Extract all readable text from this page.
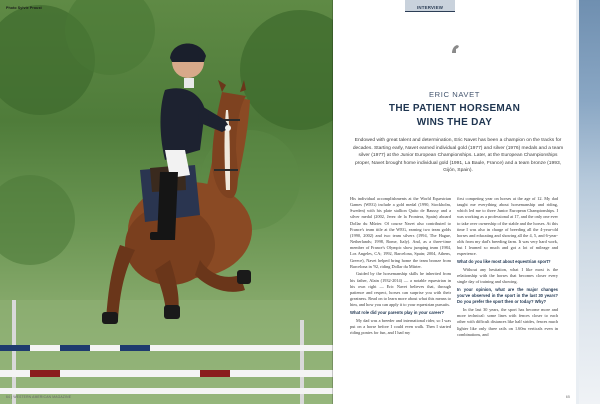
Photo Sylvie Proust	INTERVIEW
ERIC NAVET
THE PATIENT HORSEMAN
WINS THE DAY
Endowed with great talent and determination, Eric Navet has been a champion on the tracks for decades. Starting early, Navet earned individual gold (1977) and silver (1976) medals and a team silver (1977) at the Junior European Championships. Later, at the European Championships proper, Navet brought home individual gold (1991, La Baule, France) and a team bronze (1993, Gijón, Spain).

His individual accomplishments at the World Equestrian Games (WEG) include a gold medal (1990, Stockholm, Sweden) with his plate stallion Quito de Baussy and a silver medal (2002, Jerez de la Frontera, Spain) aboard Dollar du Mûrier. Of course Navet also contributed to France's team title at the WEG, earning two team golds (1990, 2002) and two team silvers (1994, The Hague, Netherlands; 1998, Rome, Italy). And, as a three-time member of France's Olympic show jumping team (1984, Los Angeles, CA; 1992, Barcelona, Spain; 2004, Athens, Greece), Navet helped bring home the team bronze from Barcelona in '92, riding Dollar du Mûrier.

Guided by the horsemanship skills he inherited from his father, Alain (1932-2014) — a notable equestrian in his own right — Eric Navet believes that, through patience and respect, horses can surprise you with their greatness. Read on to learn more about what this means to him, and how you can apply it to your equestrian pursuits.

What role did your parents play in your career?

My dad was a breeder and international rider, so I was put on a horse before I could even walk. Then I started riding ponies for fun, and I had my

first competing year on horses at the age of 12. My dad taught me everything about horsemanship and riding, which led me to three Junior European Championships. I was working as a professional at 17, and the only one ever to take over ownership of the stable and the horses. At this time I was also in charge of breeding all the 4-year-old horses and educating and showing all the 4, 5, and 6-year-olds from my dad's breeding farm. It was very hard work, but I learned so much and got a lot of mileage and experience.

What do you like most about equestrian sport?

Without any hesitation, what I like most is the relationship with the horses that becomes closer every single day of training and showing.

In your opinion, what are the major changes you've observed in the sport in the last 30 years? Do you prefer the sport then or today? Why?

In the last 30 years, the sport has become more and more technical: some lines with fences closer to each other with difficult distances like half strides, fences much lighter like only three rails on 1.60m verticals even in combinations, and

65
64 | WESTERN AMERICAN MAGAZINE
